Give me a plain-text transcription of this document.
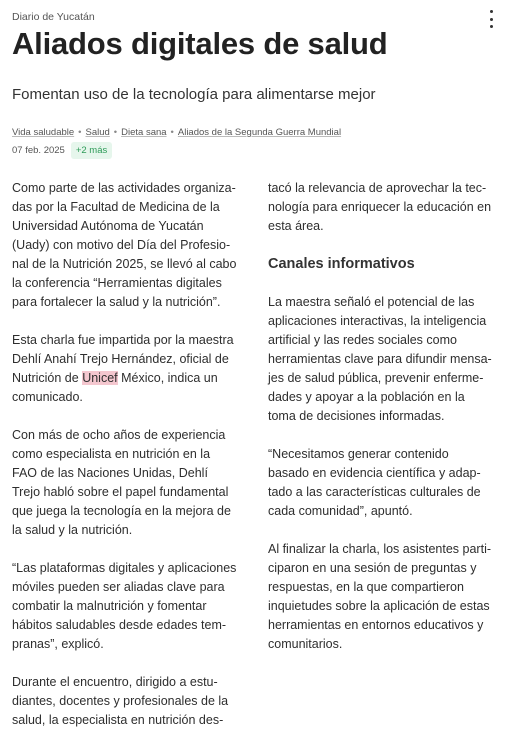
Diario de Yucatán
Aliados digitales de salud
Fomentan uso de la tecnología para alimentarse mejor
Vida saludable • Salud • Dieta sana • Aliados de la Segunda Guerra Mundial
07 feb. 2025	+2 más

Como parte de las actividades organiza-
das por la Facultad de Medicina de la
Universidad Autónoma de Yucatán
(Uady) con motivo del Día del Profesio-
nal de la Nutrición 2025, se llevó al cabo
la conferencia “Herramientas digitales
para fortalecer la salud y la nutrición”.

Esta charla fue impartida por la maestra
Dehlí Anahí Trejo Hernández, oficial de
Nutrición de Unicef México, indica un
comunicado.

Con más de ocho años de experiencia
como especialista en nutrición en la
FAO de las Naciones Unidas, Dehlí
Trejo habló sobre el papel fundamental
que juega la tecnología en la mejora de
la salud y la nutrición.

“Las plataformas digitales y aplicaciones
móviles pueden ser aliadas clave para
combatir la malnutrición y fomentar
hábitos saludables desde edades tem-
pranas”, explicó.

Durante el encuentro, dirigido a estu-
diantes, docentes y profesionales de la
salud, la especialista en nutrición des-

tacó la relevancia de aprovechar la tec-
nología para enriquecer la educación en
esta área.

Canales informativos

La maestra señaló el potencial de las
aplicaciones interactivas, la inteligencia
artificial y las redes sociales como
herramientas clave para difundir mensa-
jes de salud pública, prevenir enferme-
dades y apoyar a la población en la
toma de decisiones informadas.

“Necesitamos generar contenido
basado en evidencia científica y adap-
tado a las características culturales de
cada comunidad”, apuntó.

Al finalizar la charla, los asistentes parti-
ciparon en una sesión de preguntas y
respuestas, en la que compartieron
inquietudes sobre la aplicación de estas
herramientas en entornos educativos y
comunitarios.
